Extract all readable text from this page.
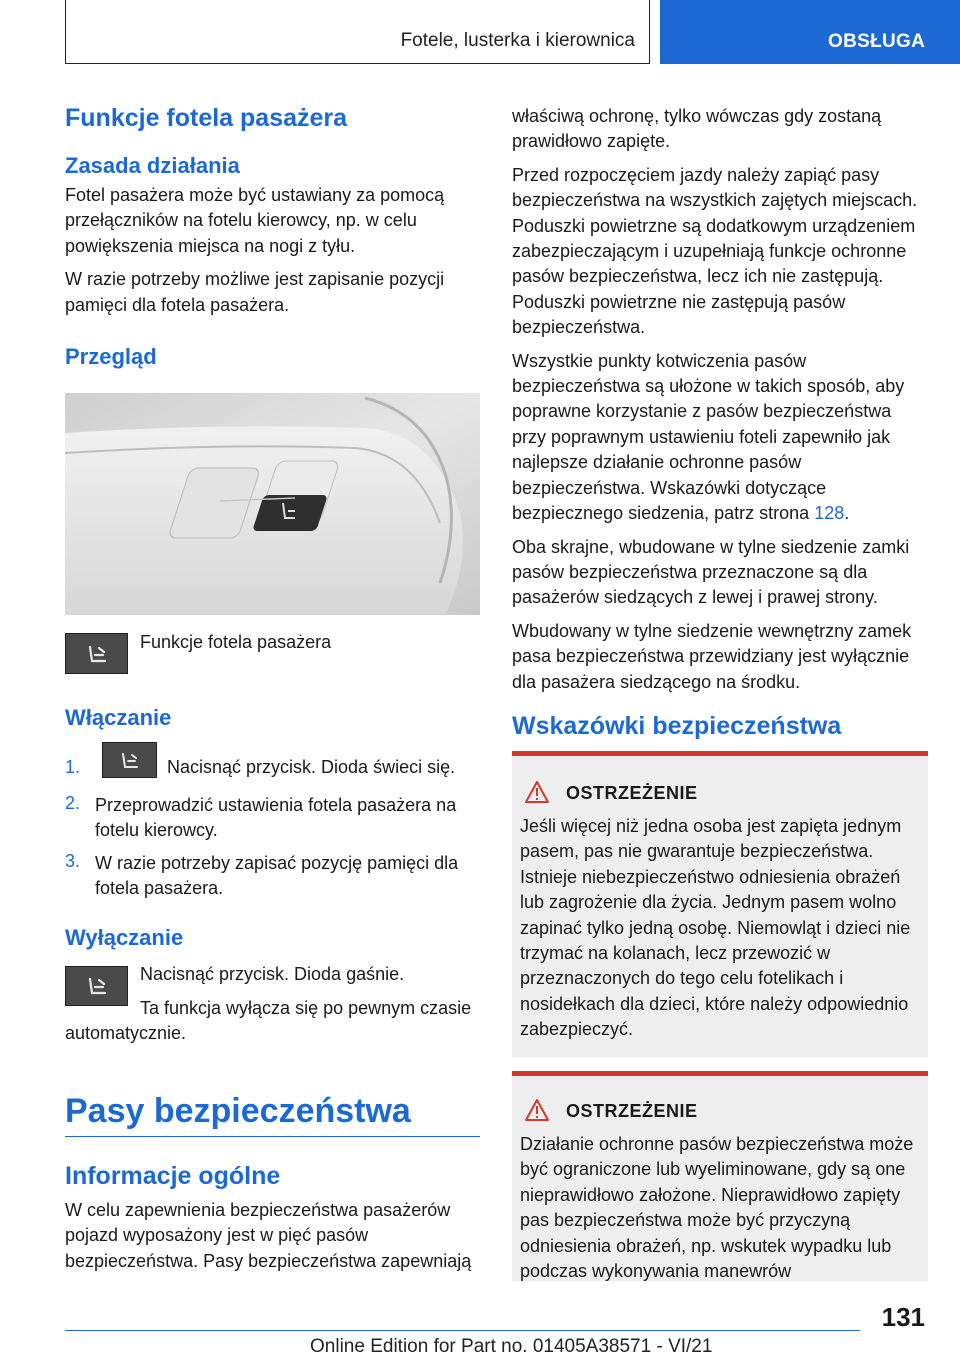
Fotele, lusterka i kierownica	OBSŁUGA
Funkcje fotela pasażera
Zasada działania

Fotel pasażera może być ustawiany za pomocą przełączników na fotelu kierowcy, np. w celu powiększenia miejsca na nogi z tyłu.

W razie potrzeby możliwe jest zapisanie pozycji pamięci dla fotela pasażera.

Przegląd
Funkcje fotela pasażera
Włączanie
1.	Nacisnąć przycisk. Dioda świeci się.
2. Przeprowadzić ustawienia fotela pasażera na fotelu kierowcy.

3. W razie potrzeby zapisać pozycję pamięci dla fotela pasażera.

Wyłączanie
Nacisnąć przycisk. Dioda gaśnie.

Ta funkcja wyłącza się po pewnym czasie automatycznie.

Pasy bezpieczeństwa
Informacje ogólne

W celu zapewnienia bezpieczeństwa pasażerów pojazd wyposażony jest w pięć pasów bezpieczeństwa. Pasy bezpieczeństwa zapewniają

właściwą ochronę, tylko wówczas gdy zostaną prawidłowo zapięte.

Przed rozpoczęciem jazdy należy zapiąć pasy bezpieczeństwa na wszystkich zajętych miejscach. Poduszki powietrzne są dodatkowym urządzeniem zabezpieczającym i uzupełniają funkcje ochronne pasów bezpieczeństwa, lecz ich nie zastępują. Poduszki powietrzne nie zastępują pasów bezpieczeństwa.

Wszystkie punkty kotwiczenia pasów bezpieczeństwa są ułożone w takich sposób, aby poprawne korzystanie z pasów bezpieczeństwa przy poprawnym ustawieniu foteli zapewniło jak najlepsze działanie ochronne pasów bezpieczeństwa. Wskazówki dotyczące bezpiecznego siedzenia, patrz strona 128.

Oba skrajne, wbudowane w tylne siedzenie zamki pasów bezpieczeństwa przeznaczone są dla pasażerów siedzących z lewej i prawej strony.

Wbudowany w tylne siedzenie wewnętrzny zamek pasa bezpieczeństwa przewidziany jest wyłącznie dla pasażera siedzącego na środku.

Wskazówki bezpieczeństwa
OSTRZEŻENIE

Jeśli więcej niż jedna osoba jest zapięta jednym pasem, pas nie gwarantuje bezpieczeństwa. Istnieje niebezpieczeństwo odniesienia obrażeń lub zagrożenie dla życia. Jednym pasem wolno zapinać tylko jedną osobę. Niemowląt i dzieci nie trzymać na kolanach, lecz przewozić w przeznaczonych do tego celu fotelikach i nosidełkach dla dzieci, które należy odpowiednio zabezpieczyć.

OSTRZEŻENIE

Działanie ochronne pasów bezpieczeństwa może być ograniczone lub wyeliminowane, gdy są one nieprawidłowo założone. Nieprawidłowo zapięty pas bezpieczeństwa może być przyczyną odniesienia obrażeń, np. wskutek wypadku lub podczas wykonywania manewrów

131
Online Edition for Part no. 01405A38571 - VI/21
